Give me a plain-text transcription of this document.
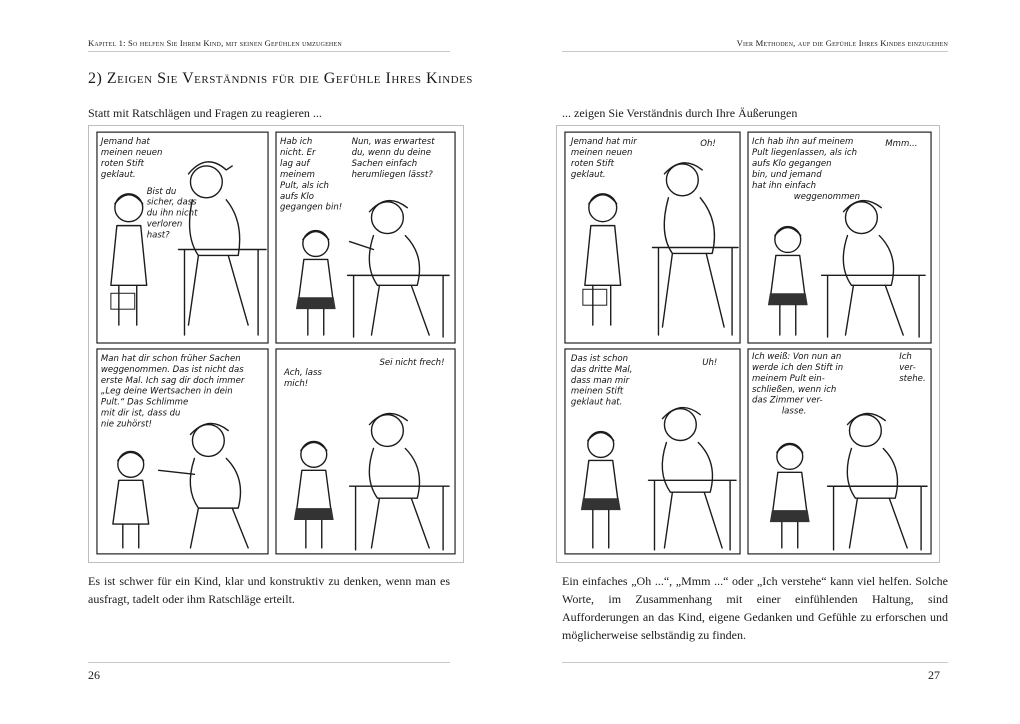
Kapitel 1: So helfen Sie Ihrem Kind, mit seinen Gefühlen umzugehen	Vier Methoden, auf die Gefühle Ihres Kindes einzugehen
2) Zeigen Sie Verständnis für die Gefühle Ihres Kindes
Statt mit Ratschlägen und Fragen zu reagieren ...	... zeigen Sie Verständnis durch Ihre Äußerungen
Jemand hat meinen neuen roten Stift geklaut.
Bist du sicher, dass du ihn nicht verloren hast?
Hab ich nicht. Er lag auf meinem Pult, als ich aufs Klo gegangen bin!
Nun, was erwartest du, wenn du deine Sachen einfach herumliegen lässt?
Man hat dir schon früher Sachen weggenommen. Das ist nicht das erste Mal. Ich sag dir doch immer „Leg deine Wertsachen in dein Pult.“ Das Schlimme mit dir ist, dass du nie zuhörst!
Ach, lass mich!
Sei nicht frech!
Jemand hat mir meinen neuen roten Stift geklaut.
Oh!	Ich hab ihn auf meinem Pult liegenlassen, als ich aufs Klo gegangen bin, und jemand hat ihn einfach weggenommen
Mmm...
Das ist schon das dritte Mal, dass man mir meinen Stift geklaut hat.
Uh!
Ich weiß: Von nun an werde ich den Stift in meinem Pult ein- schließen, wenn ich das Zimmer ver- lasse.
Ich ver- stehe.

Es ist schwer für ein Kind, klar und konstruktiv zu denken, wenn man es ausfragt, tadelt oder ihm Ratschläge erteilt.

Ein einfaches „Oh ...“, „Mmm ...“ oder „Ich verstehe“ kann viel helfen. Solche Worte, im Zusammenhang mit einer einfühlenden Haltung, sind Aufforderungen an das Kind, eigene Gedanken und Gefühle zu erforschen und möglicherweise selbständig zu finden.

26	27
